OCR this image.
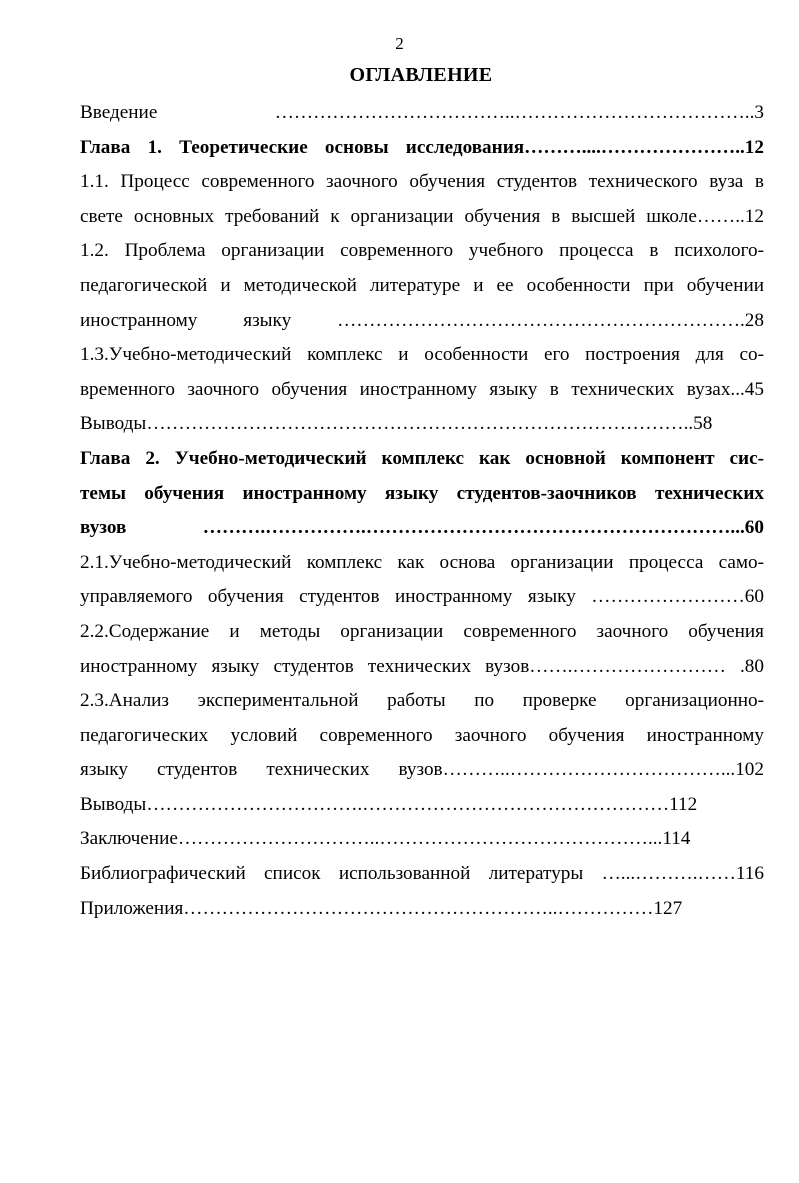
2
ОГЛАВЛЕНИЕ
Введение ………………………………..………………………………..3
Глава 1. Теоретические основы исследования………....…………………..12
1.1. Процесс современного заочного обучения студентов технического вуза в
свете основных требований к организации обучения в высшей школе……..12
1.2. Проблема организации современного учебного процесса в психолого-
педагогической и методической литературе и ее особенности при обучении
иностранному языку ……………………………………………………….28
1.3.Учебно-методический комплекс и особенности его построения для со-
временного заочного обучения иностранному языку в технических вузах...45
Выводы…………………………………………………………………………..58
Глава 2. Учебно-методический комплекс как основной компонент сис-
темы обучения иностранному языку студентов-заочников технических
вузов ……….…………….…………………………………………………...60
2.1.Учебно-методический комплекс как основа организации процесса само-
управляемого обучения студентов иностранному языку ……………………60
2.2.Содержание и методы организации современного заочного обучения
иностранному языку студентов технических вузов…….…………………… .80
2.3.Анализ экспериментальной работы по проверке организационно-
педагогических условий современного заочного обучения иностранному
языку студентов технических вузов………..……………………………...102
Выводы…………………………….…………………………………………112
Заключение…………………………..……………………………………...114
Библиографический список использованной литературы …...……….……116
Приложения…………………………………………………..……………127
